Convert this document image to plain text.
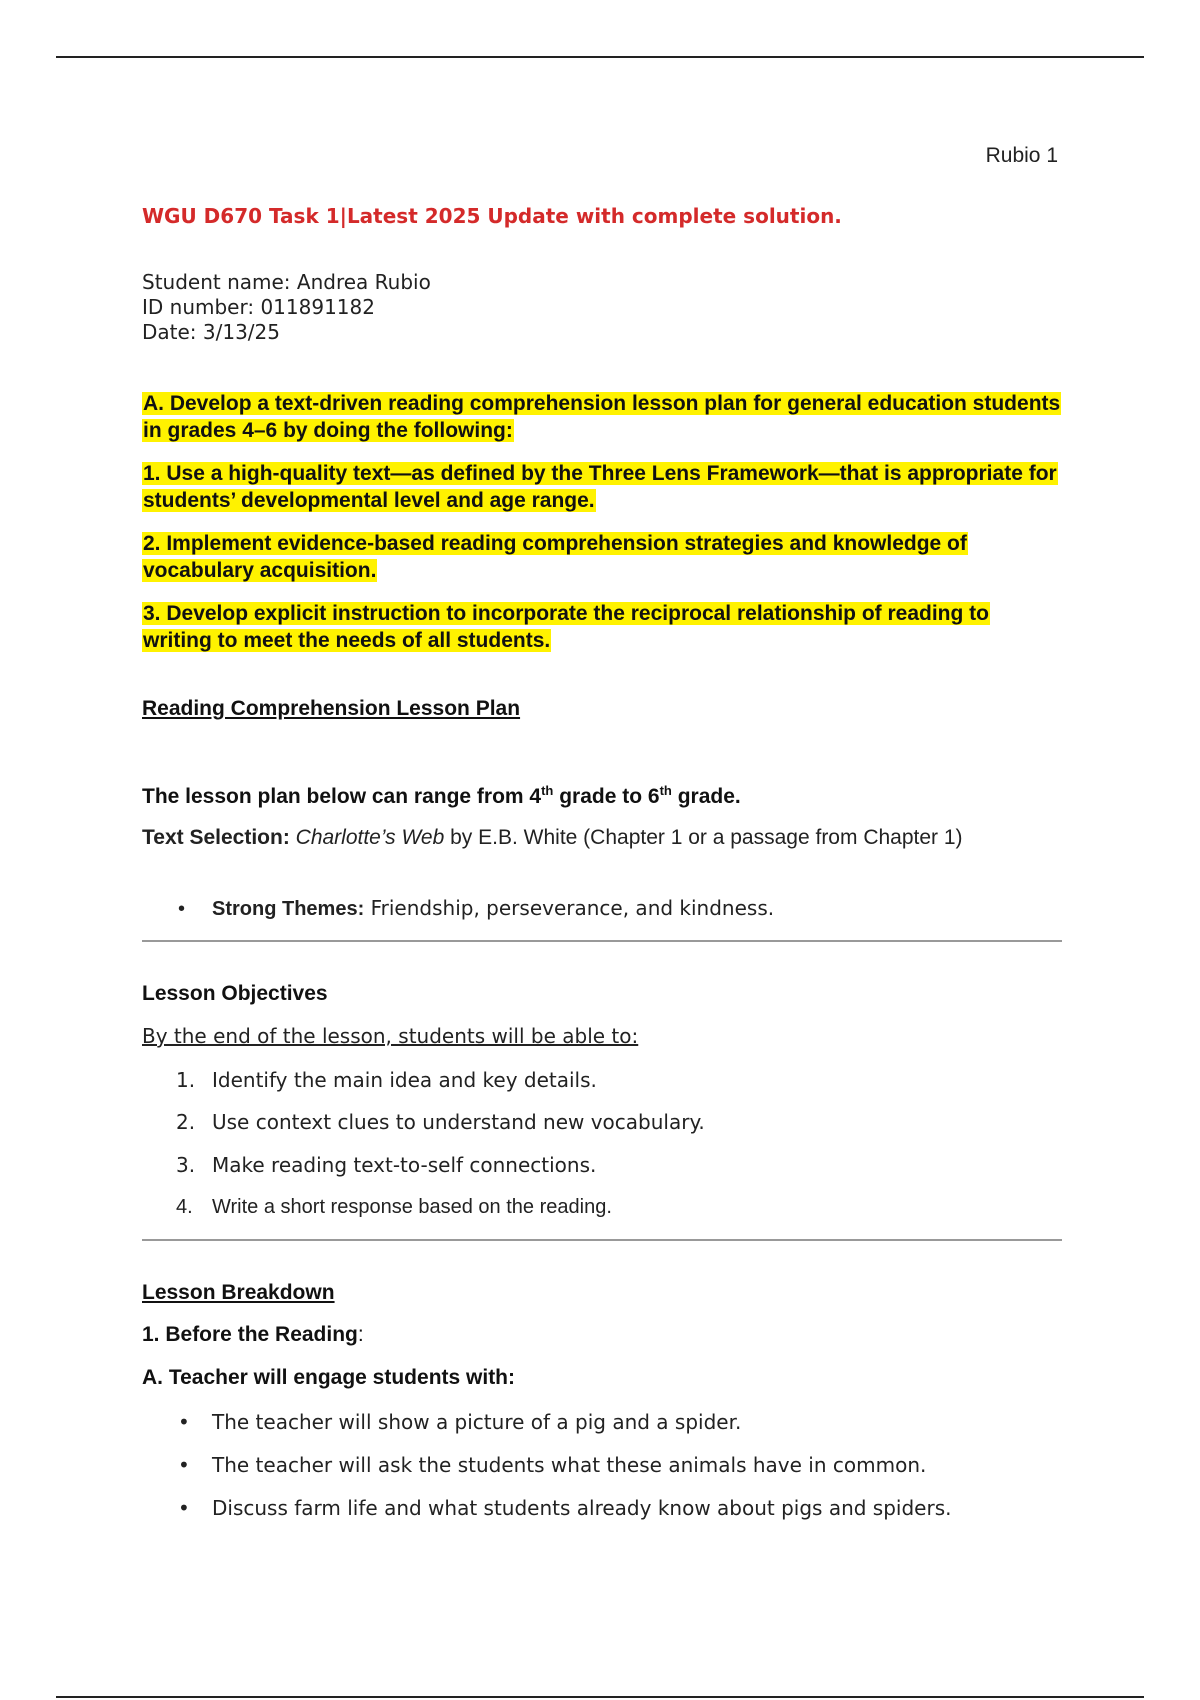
Rubio 1
WGU D670 Task 1|Latest 2025 Update with complete solution.
Student name: Andrea Rubio
ID number: 011891182
Date: 3/13/25
A. Develop a text-driven reading comprehension lesson plan for general education students in grades 4–6 by doing the following:
1. Use a high-quality text—as defined by the Three Lens Framework—that is appropriate for students’ developmental level and age range.
2. Implement evidence-based reading comprehension strategies and knowledge of vocabulary acquisition.
3. Develop explicit instruction to incorporate the reciprocal relationship of reading to writing to meet the needs of all students.
Reading Comprehension Lesson Plan
The lesson plan below can range from 4th grade to 6th grade.
Text Selection: Charlotte’s Web by E.B. White (Chapter 1 or a passage from Chapter 1)
• Strong Themes: Friendship, perseverance, and kindness.
Lesson Objectives
By the end of the lesson, students will be able to:
1. Identify the main idea and key details.
2. Use context clues to understand new vocabulary.
3. Make reading text-to-self connections.
4. Write a short response based on the reading.
Lesson Breakdown
1. Before the Reading:
A. Teacher will engage students with:
• The teacher will show a picture of a pig and a spider.
• The teacher will ask the students what these animals have in common.
• Discuss farm life and what students already know about pigs and spiders.
